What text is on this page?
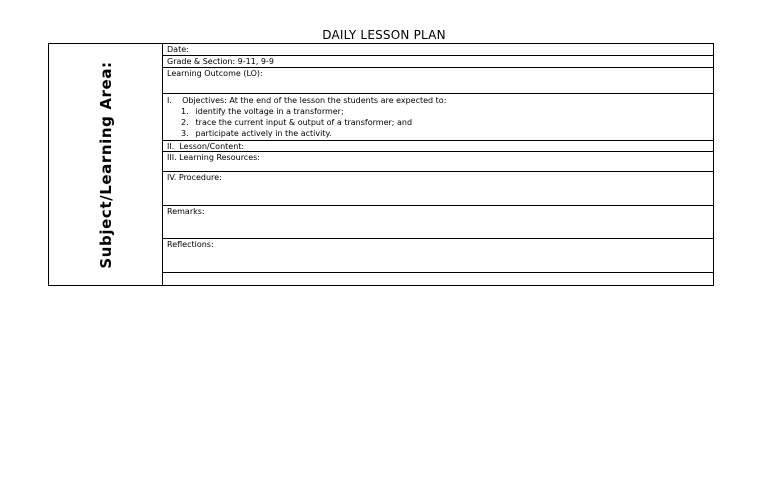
DAILY LESSON PLAN
Subject/Learning Area:
Date:
Grade & Section: 9-11, 9-9
Learning Outcome (LO):
I.    Objectives: At the end of the lesson the students are expected to:
1. identify the voltage in a transformer;
2. trace the current input & output of a transformer; and
3. participate actively in the activity.
II.  Lesson/Content:
III. Learning Resources:
IV. Procedure:
Remarks:
Reflections:
